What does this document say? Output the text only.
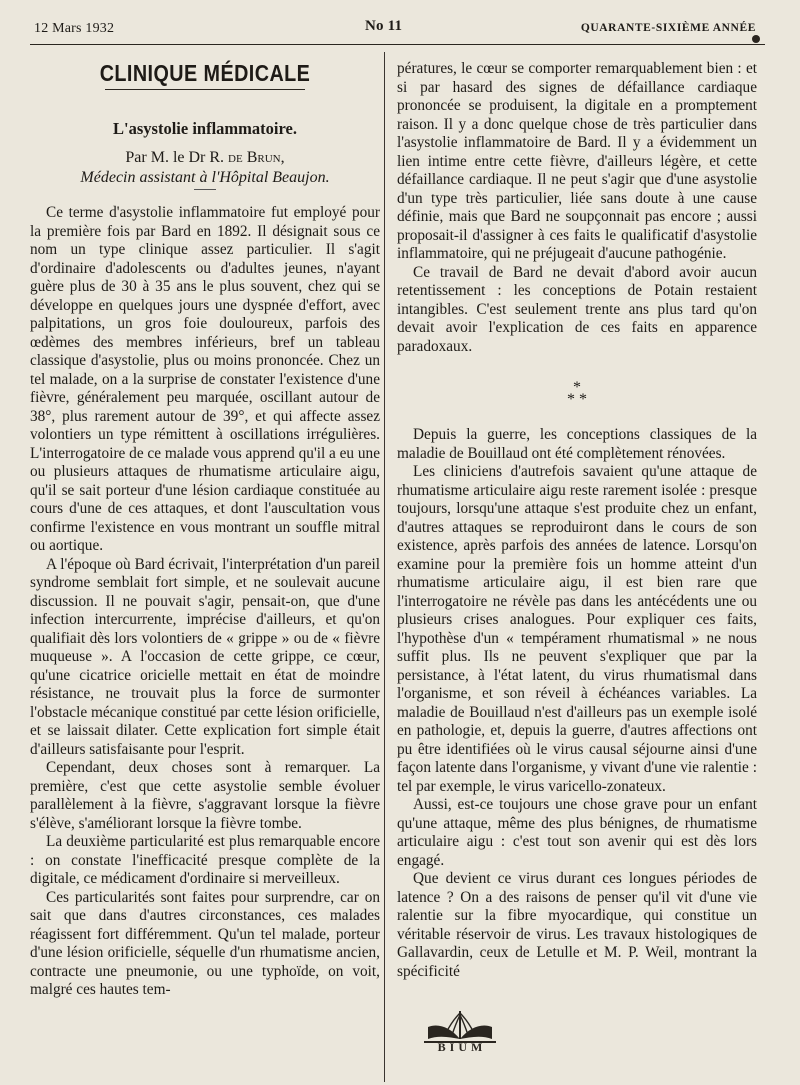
12 Mars 1932	No 11	QUARANTE-SIXIÈME ANNÉE
CLINIQUE MÉDICALE
L'asystolie inflammatoire.
Par M. le Dr R. de Brun,
Médecin assistant à l'Hôpital Beaujon.

Ce terme d'asystolie inflammatoire fut employé pour la première fois par Bard en 1892. Il désignait sous ce nom un type clinique assez particulier. Il s'agit d'ordinaire d'adolescents ou d'adultes jeunes, n'ayant guère plus de 30 à 35 ans le plus souvent, chez qui se développe en quelques jours une dyspnée d'effort, avec palpitations, un gros foie douloureux, parfois des œdèmes des membres inférieurs, bref un tableau classique d'asystolie, plus ou moins prononcée. Chez un tel malade, on a la surprise de constater l'existence d'une fièvre, généralement peu marquée, oscillant autour de 38°, plus rarement autour de 39°, et qui affecte assez volontiers un type rémittent à oscillations irrégulières. L'interrogatoire de ce malade vous apprend qu'il a eu une ou plusieurs attaques de rhumatisme articulaire aigu, qu'il se sait porteur d'une lésion cardiaque constituée au cours d'une de ces attaques, et dont l'auscultation vous confirme l'existence en vous montrant un souffle mitral ou aortique.

A l'époque où Bard écrivait, l'interprétation d'un pareil syndrome semblait fort simple, et ne soulevait aucune discussion. Il ne pouvait s'agir, pensait-on, que d'une infection intercurrente, imprécise d'ailleurs, et qu'on qualifiait dès lors volontiers de « grippe » ou de « fièvre muqueuse ». A l'occasion de cette grippe, ce cœur, qu'une cicatrice oricielle mettait en état de moindre résistance, ne trouvait plus la force de surmonter l'obstacle mécanique constitué par cette lésion orificielle, et se laissait dilater. Cette explication fort simple était d'ailleurs satisfaisante pour l'esprit.

Cependant, deux choses sont à remarquer. La première, c'est que cette asystolie semble évoluer parallèlement à la fièvre, s'aggravant lorsque la fièvre s'élève, s'améliorant lorsque la fièvre tombe.

La deuxième particularité est plus remarquable encore : on constate l'inefficacité presque complète de la digitale, ce médicament d'ordinaire si merveilleux.

Ces particularités sont faites pour surprendre, car on sait que dans d'autres circonstances, ces malades réagissent fort différemment. Qu'un tel malade, porteur d'une lésion orificielle, séquelle d'un rhumatisme ancien, contracte une pneumonie, ou une typhoïde, on voit, malgré ces hautes tem-

pératures, le cœur se comporter remarquablement bien : et si par hasard des signes de défaillance cardiaque prononcée se produisent, la digitale en a promptement raison. Il y a donc quelque chose de très particulier dans l'asystolie inflammatoire de Bard. Il y a évidemment un lien intime entre cette fièvre, d'ailleurs légère, et cette défaillance cardiaque. Il ne peut s'agir que d'une asystolie d'un type très particulier, liée sans doute à une cause définie, mais que Bard ne soupçonnait pas encore ; aussi proposait-il d'assigner à ces faits le qualificatif d'asystolie inflammatoire, qui ne préjugeait d'aucune pathogénie.

Ce travail de Bard ne devait d'abord avoir aucun retentissement : les conceptions de Potain restaient intangibles. C'est seulement trente ans plus tard qu'on devait avoir l'explication de ces faits en apparence paradoxaux.

*
* *

Depuis la guerre, les conceptions classiques de la maladie de Bouillaud ont été complètement rénovées.

Les cliniciens d'autrefois savaient qu'une attaque de rhumatisme articulaire aigu reste rarement isolée : presque toujours, lorsqu'une attaque s'est produite chez un enfant, d'autres attaques se reproduiront dans le cours de son existence, après parfois des années de latence. Lorsqu'on examine pour la première fois un homme atteint d'un rhumatisme articulaire aigu, il est bien rare que l'interrogatoire ne révèle pas dans les antécédents une ou plusieurs crises analogues. Pour expliquer ces faits, l'hypothèse d'un « tempérament rhumatismal » ne nous suffit plus. Ils ne peuvent s'expliquer que par la persistance, à l'état latent, du virus rhumatismal dans l'organisme, et son réveil à échéances variables. La maladie de Bouillaud n'est d'ailleurs pas un exemple isolé en pathologie, et, depuis la guerre, d'autres affections ont pu être identifiées où le virus causal séjourne ainsi d'une façon latente dans l'organisme, y vivant d'une vie ralentie : tel par exemple, le virus varicello-zonateux.

Aussi, est-ce toujours une chose grave pour un enfant qu'une attaque, même des plus bénignes, de rhumatisme articulaire aigu : c'est tout son avenir qui est dès lors engagé.

Que devient ce virus durant ces longues périodes de latence ? On a des raisons de penser qu'il vit d'une vie ralentie sur la fibre myocardique, qui constitue un véritable réservoir de virus. Les travaux histologiques de Gallavardin, ceux de Letulle et M. P. Weil, montrant la spécificité

BIUM
